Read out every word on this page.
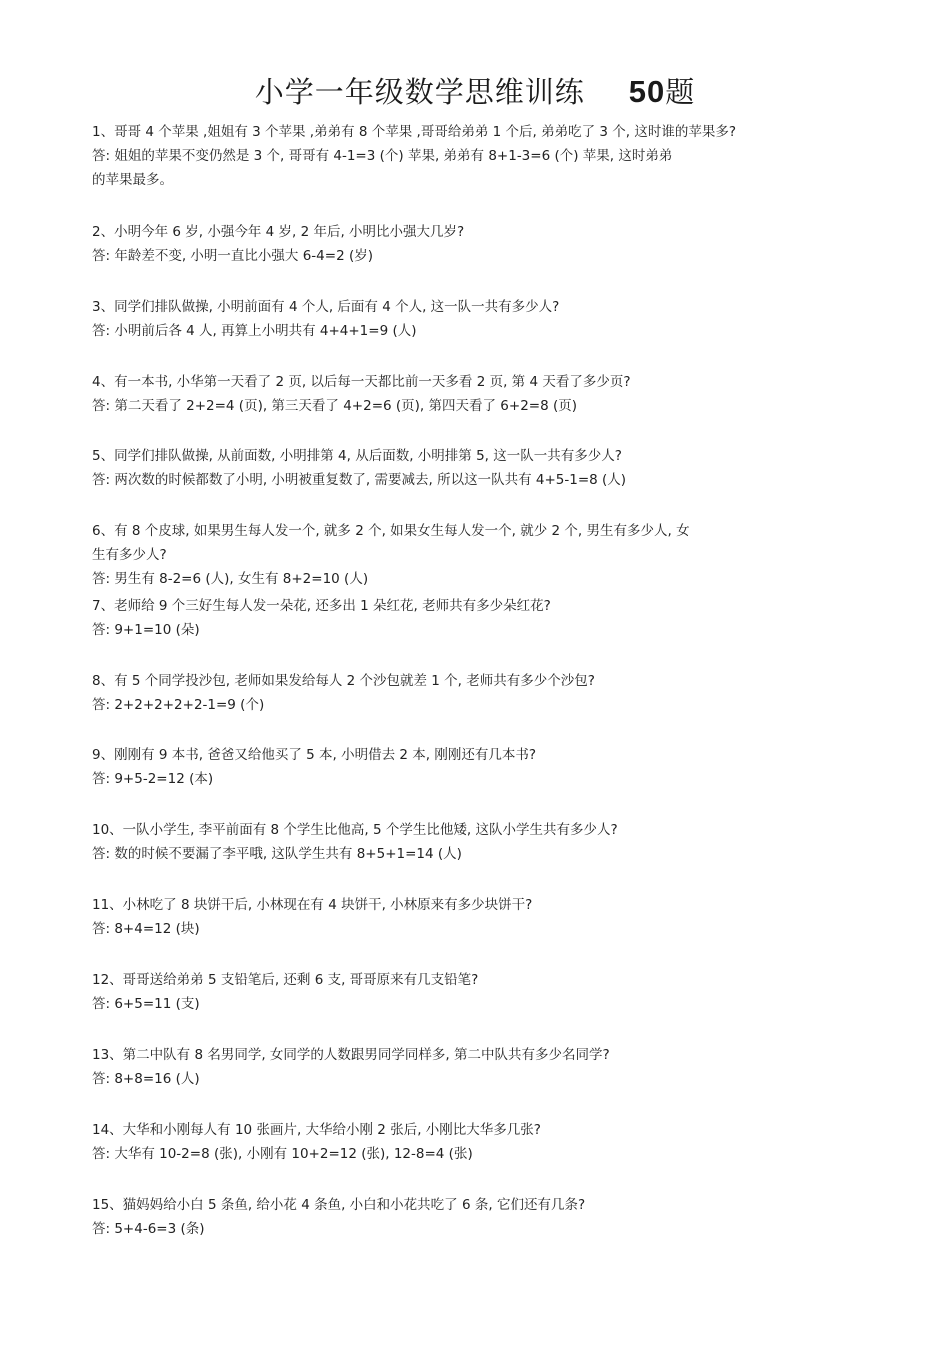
小学一年级数学思维训练 50题
1、哥哥 4 个苹果 ,姐姐有 3 个苹果 ,弟弟有 8 个苹果 ,哥哥给弟弟 1 个后, 弟弟吃了 3 个, 这时谁的苹果多?
答: 姐姐的苹果不变仍然是 3 个, 哥哥有 4-1=3 (个) 苹果, 弟弟有 8+1-3=6 (个) 苹果, 这时弟弟
的苹果最多。
2、小明今年 6 岁, 小强今年 4 岁, 2 年后, 小明比小强大几岁?
答: 年龄差不变, 小明一直比小强大 6-4=2 (岁)
3、同学们排队做操, 小明前面有 4 个人, 后面有 4 个人, 这一队一共有多少人?
答: 小明前后各 4 人, 再算上小明共有 4+4+1=9 (人)
4、有一本书, 小华第一天看了 2 页, 以后每一天都比前一天多看 2 页, 第 4 天看了多少页?
答: 第二天看了 2+2=4 (页), 第三天看了 4+2=6 (页), 第四天看了 6+2=8 (页)
5、同学们排队做操, 从前面数, 小明排第 4, 从后面数, 小明排第 5, 这一队一共有多少人?
答: 两次数的时候都数了小明, 小明被重复数了, 需要减去, 所以这一队共有 4+5-1=8 (人)
6、有 8 个皮球, 如果男生每人发一个, 就多 2 个, 如果女生每人发一个, 就少 2 个, 男生有多少人, 女
生有多少人?
答: 男生有 8-2=6 (人), 女生有 8+2=10 (人)
7、老师给 9 个三好生每人发一朵花, 还多出 1 朵红花, 老师共有多少朵红花?
答: 9+1=10 (朵)
8、有 5 个同学投沙包, 老师如果发给每人 2 个沙包就差 1 个, 老师共有多少个沙包?
答: 2+2+2+2+2-1=9 (个)
9、刚刚有 9 本书, 爸爸又给他买了 5 本, 小明借去 2 本, 刚刚还有几本书?
答: 9+5-2=12 (本)
10、一队小学生, 李平前面有 8 个学生比他高, 5 个学生比他矮, 这队小学生共有多少人?
答: 数的时候不要漏了李平哦, 这队学生共有 8+5+1=14 (人)
11、小林吃了 8 块饼干后, 小林现在有 4 块饼干, 小林原来有多少块饼干?
答: 8+4=12 (块)
12、哥哥送给弟弟 5 支铅笔后, 还剩 6 支, 哥哥原来有几支铅笔?
答: 6+5=11 (支)
13、第二中队有 8 名男同学, 女同学的人数跟男同学同样多, 第二中队共有多少名同学?
答: 8+8=16 (人)
14、大华和小刚每人有 10 张画片, 大华给小刚 2 张后, 小刚比大华多几张?
答: 大华有 10-2=8 (张), 小刚有 10+2=12 (张), 12-8=4 (张)
15、猫妈妈给小白 5 条鱼, 给小花 4 条鱼, 小白和小花共吃了 6 条, 它们还有几条?
答: 5+4-6=3 (条)
